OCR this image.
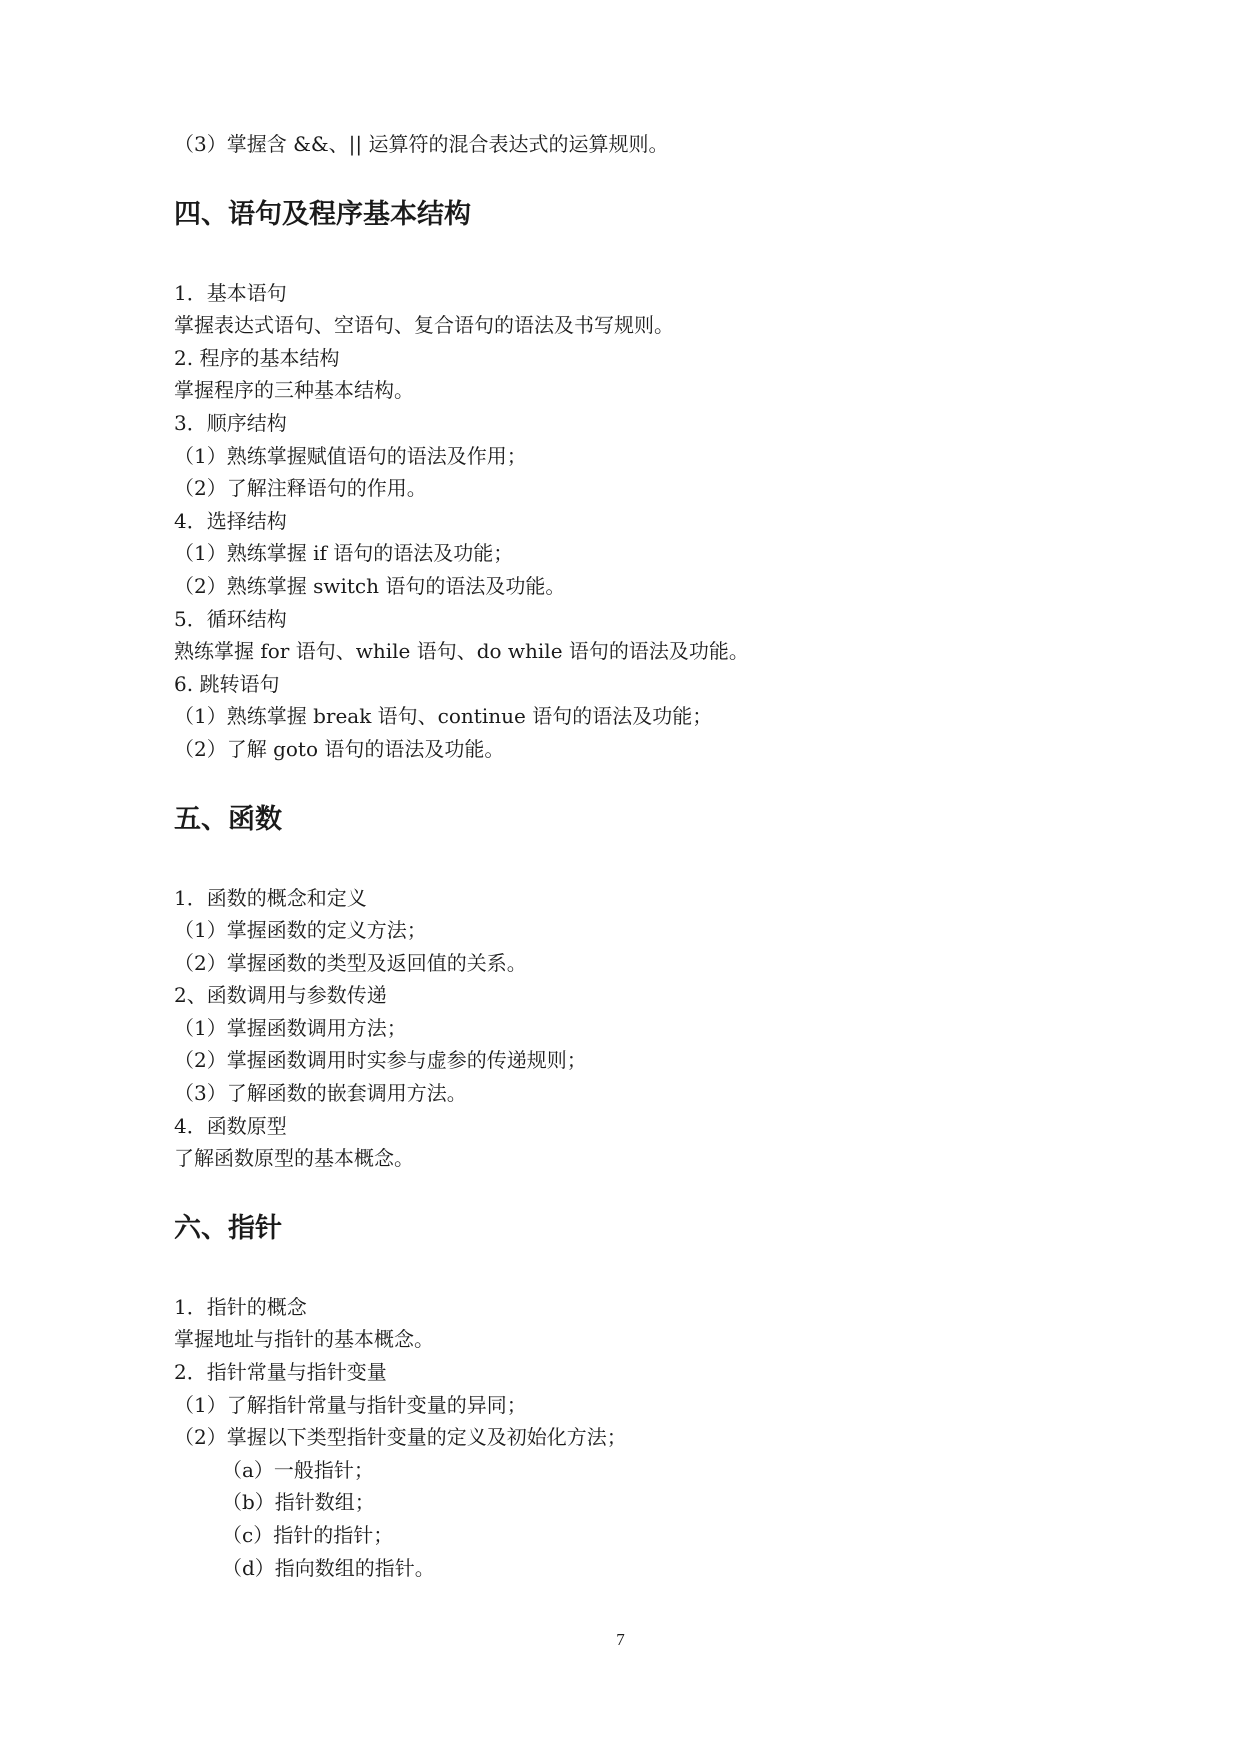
（3）掌握含 &&、|| 运算符的混合表达式的运算规则。
四、语句及程序基本结构
1．基本语句
掌握表达式语句、空语句、复合语句的语法及书写规则。
2. 程序的基本结构
掌握程序的三种基本结构。
3．顺序结构
（1）熟练掌握赋值语句的语法及作用；
（2）了解注释语句的作用。
4．选择结构
（1）熟练掌握 if 语句的语法及功能；
（2）熟练掌握 switch 语句的语法及功能。
5．循环结构
熟练掌握 for 语句、while 语句、do while 语句的语法及功能。
6. 跳转语句
（1）熟练掌握 break 语句、continue 语句的语法及功能；
（2）了解 goto 语句的语法及功能。
五、函数
1．函数的概念和定义
（1）掌握函数的定义方法；
（2）掌握函数的类型及返回值的关系。
2、函数调用与参数传递
（1）掌握函数调用方法；
（2）掌握函数调用时实参与虚参的传递规则；
（3）了解函数的嵌套调用方法。
4．函数原型
了解函数原型的基本概念。
六、指针
1．指针的概念
掌握地址与指针的基本概念。
2．指针常量与指针变量
（1）了解指针常量与指针变量的异同；
（2）掌握以下类型指针变量的定义及初始化方法；
（a）一般指针；
（b）指针数组；
（c）指针的指针；
（d）指向数组的指针。
7
